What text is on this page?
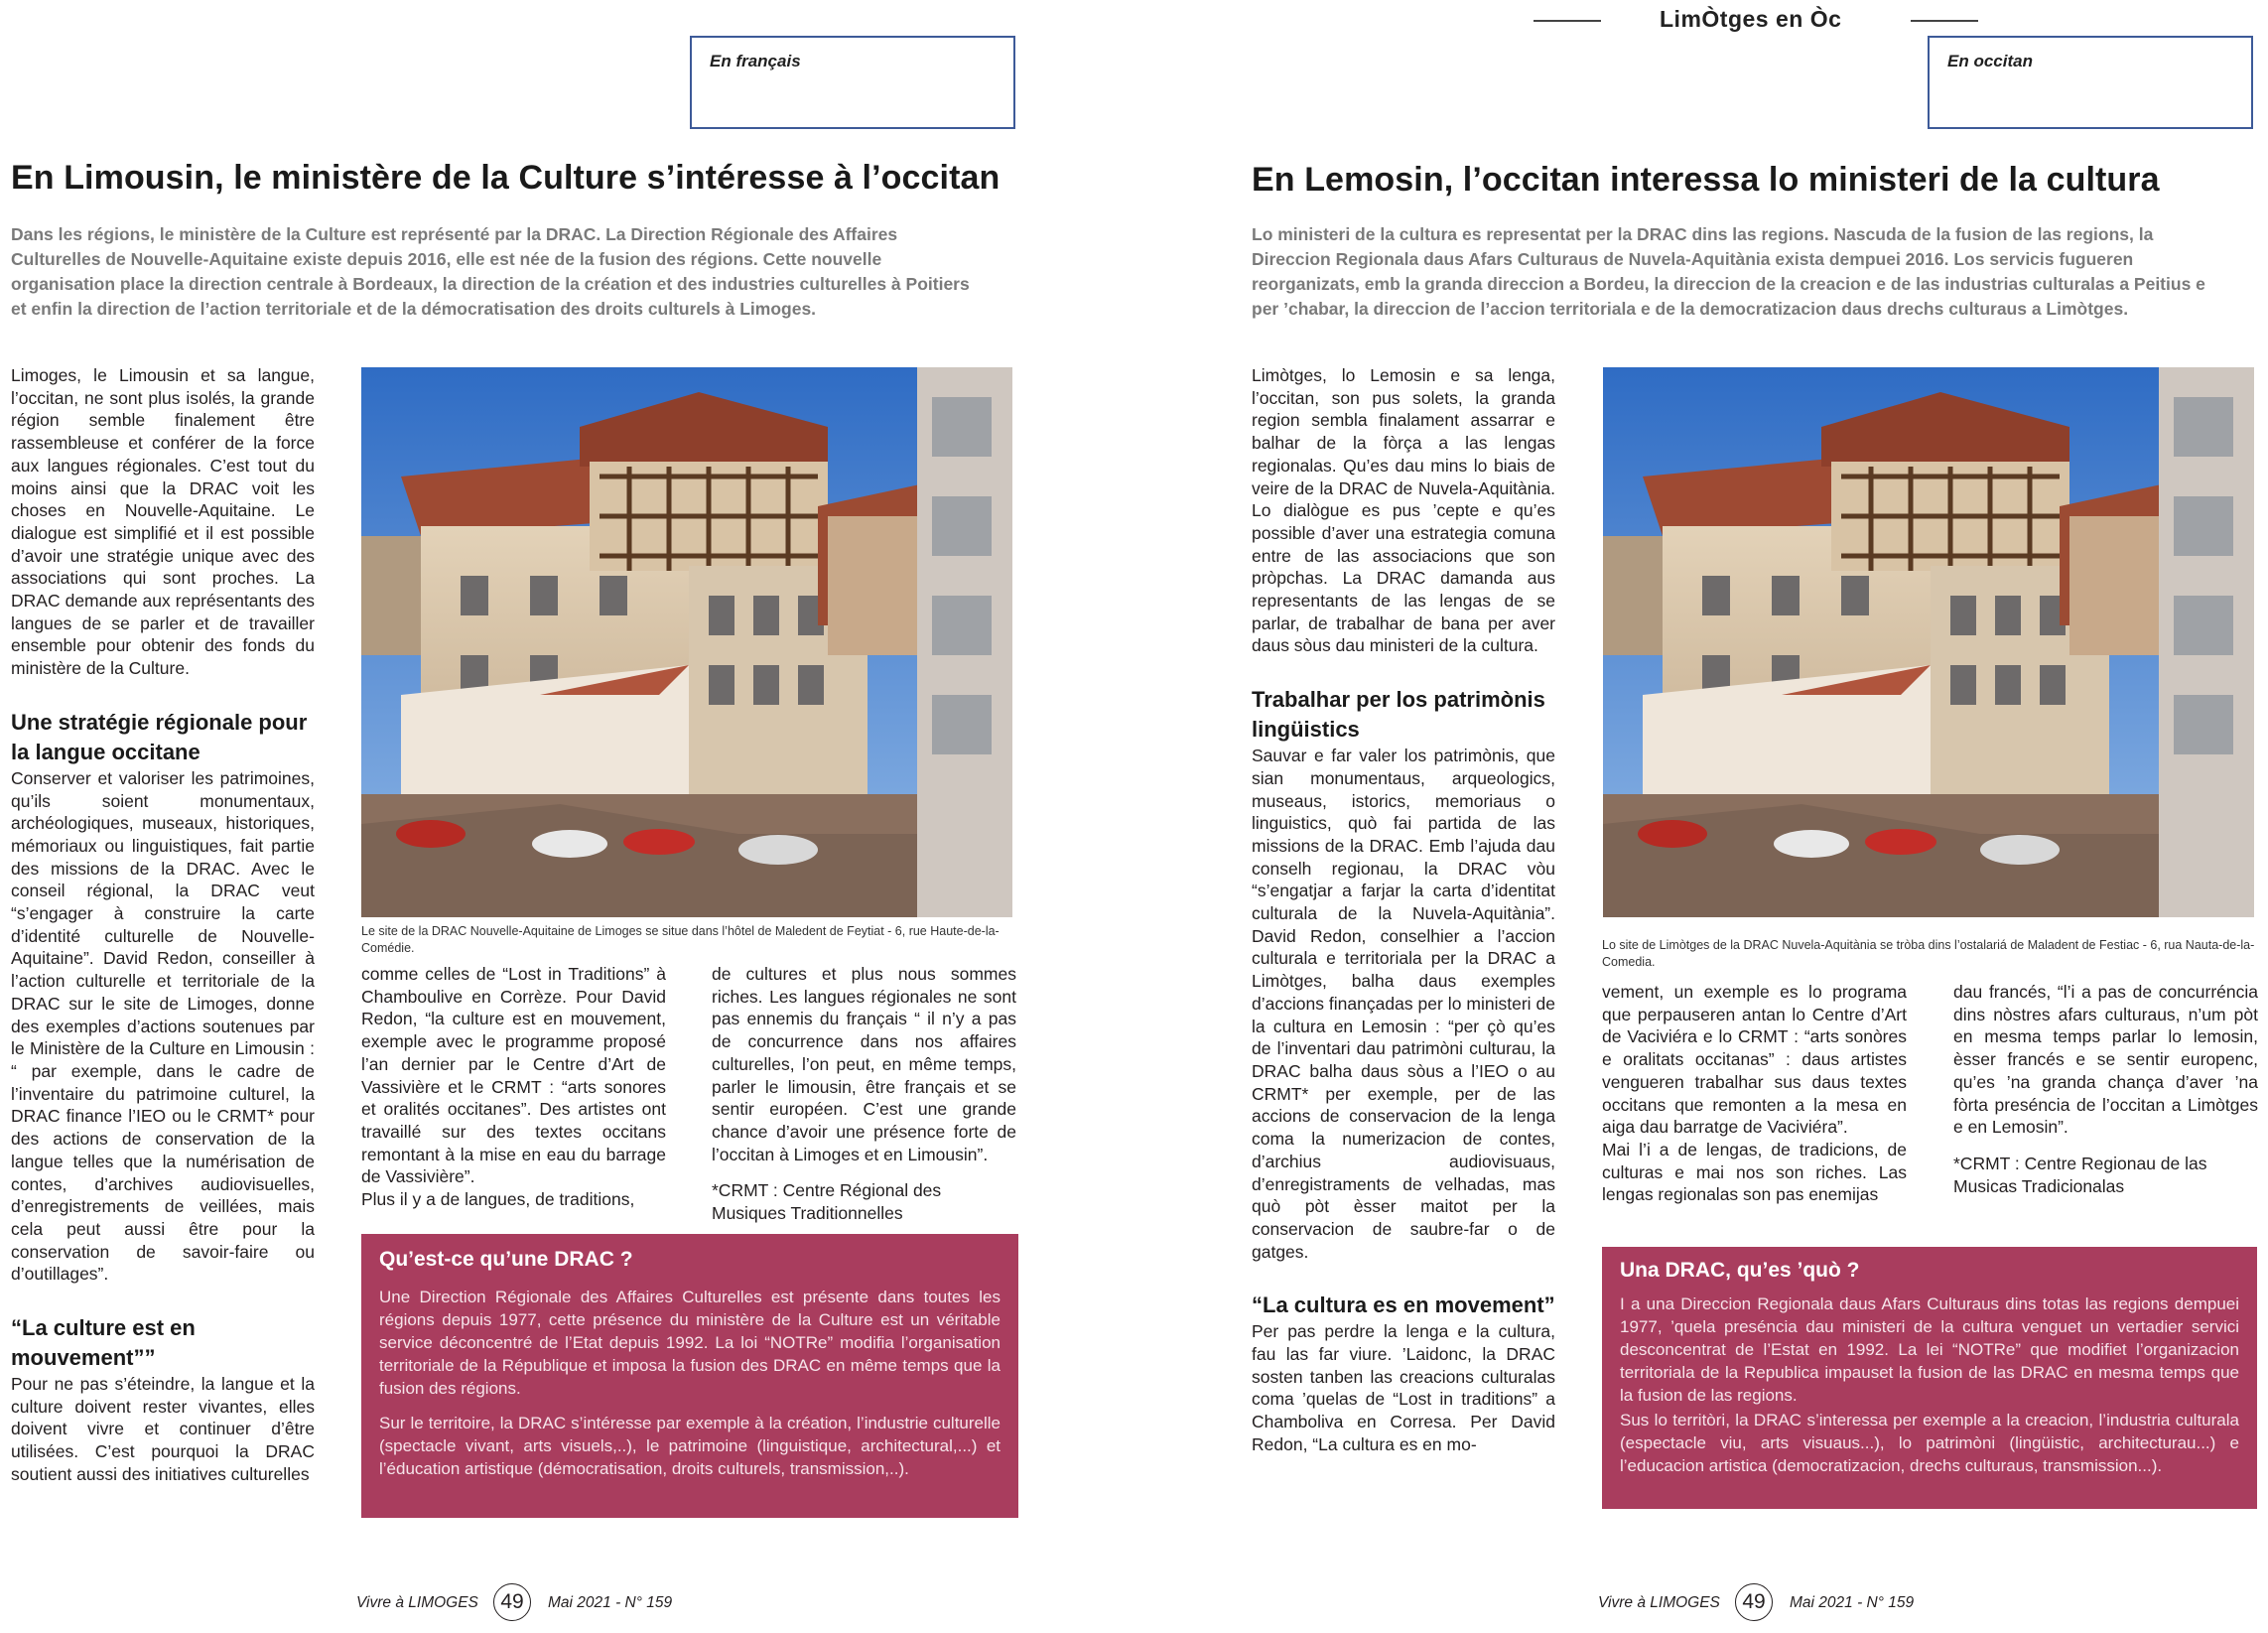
LimÒtges en Òc
En français
En Limousin, le ministère de la Culture s’intéresse à l’occitan
Dans les régions, le ministère de la Culture est représenté par la DRAC. La Direction Régionale des Affaires Culturelles de Nouvelle-Aquitaine existe depuis 2016, elle est née de la fusion des régions. Cette nouvelle organisation place la direction centrale à Bordeaux, la direction de la création et des industries culturelles à Poitiers et enfin la direction de l’action territoriale et de la démocratisation des droits culturels à Limoges.

Limoges, le Limousin et sa langue, l’occitan, ne sont plus isolés, la grande région semble finalement être rassembleuse et conférer de la force aux langues régionales. C’est tout du moins ainsi que la DRAC voit les choses en Nouvelle-Aquitaine. Le dialogue est simplifié et il est possible d’avoir une stratégie unique avec des associations qui sont proches. La DRAC demande aux représentants des langues de se parler et de travailler ensemble pour obtenir des fonds du ministère de la Culture.

Une stratégie régionale pour la langue occitane

Conserver et valoriser les patrimoines, qu’ils soient monumentaux, archéologiques, museaux, historiques, mémoriaux ou linguistiques, fait partie des missions de la DRAC. Avec le conseil régional, la DRAC veut “s’engager à construire la carte d’identité culturelle de Nouvelle-Aquitaine”. David Redon, conseiller à l’action culturelle et territoriale de la DRAC sur le site de Limoges, donne des exemples d’actions soutenues par le Ministère de la Culture en Limousin : “ par exemple, dans le cadre de l’inventaire du patrimoine culturel, la DRAC finance l’IEO ou le CRMT* pour des actions de conservation de la langue telles que la numérisation de contes, d’archives audiovisuelles, d’enregistrements de veillées, mais cela peut aussi être pour la conservation de savoir-faire ou d’outillages”.

“La culture est en mouvement””

Pour ne pas s’éteindre, la langue et la culture doivent rester vivantes, elles doivent vivre et continuer d’être utilisées. C’est pourquoi la DRAC soutient aussi des initiatives culturelles

Le site de la DRAC Nouvelle-Aquitaine de Limoges se situe dans l’hôtel de Maledent de Feytiat - 6, rue Haute-de-la-Comédie.

comme celles de “Lost in Traditions” à Chamboulive en Corrèze. Pour David Redon, “la culture est en mouvement, exemple avec le programme proposé l’an dernier par le Centre d’Art de Vassivière et le CRMT : “arts sonores et oralités occitanes”. Des artistes ont travaillé sur des textes occitans remontant à la mise en eau du barrage de Vassivière”.

Plus il y a de langues, de traditions,

de cultures et plus nous sommes riches. Les langues régionales ne sont pas ennemis du français “ il n’y a pas de concurrence dans nos affaires culturelles, l’on peut, en même temps, parler le limousin, être français et se sentir européen. C’est une grande chance d’avoir une présence forte de l’occitan à Limoges et en Limousin”.

*CRMT : Centre Régional des Musiques Traditionnelles

Qu’est-ce qu’une DRAC ?

Une Direction Régionale des Affaires Culturelles est présente dans toutes les régions depuis 1977, cette présence du ministère de la Culture est un véritable service déconcentré de l’Etat depuis 1992. La loi “NOTRe” modifia l’organisation territoriale de la République et imposa la fusion des DRAC en même temps que la fusion des régions.

Sur le territoire, la DRAC s’intéresse par exemple à la création, l’industrie culturelle (spectacle vivant, arts visuels,..), le patrimoine (linguistique, architectural,...) et l’éducation artistique (démocratisation, droits culturels, transmission,..).

Vivre à LIMOGES	49	Mai 2021 - N° 159
En occitan
En Lemosin, l’occitan interessa lo ministeri de la cultura
Lo ministeri de la cultura es representat per la DRAC dins las regions. Nascuda de la fusion de las regions, la Direccion Regionala daus Afars Culturaus de Nuvela-Aquitània exista dempuei 2016. Los servicis fugueren reorganizats, emb la granda direccion a Bordeu, la direccion de la creacion e de las industrias culturalas a Peitius e per ’chabar, la direccion de l’accion territoriala e de la democratizacion daus drechs culturaus a Limòtges.

Limòtges, lo Lemosin e sa lenga, l’occitan, son pus solets, la granda region sembla finalament assarrar e balhar de la fòrça a las lengas regionalas. Qu’es dau mins lo biais de veire de la DRAC de Nuvela-Aquitània. Lo dialògue es pus ’cepte e qu’es possible d’aver una estrategia comuna entre de las associacions que son pròpchas. La DRAC damanda aus representants de las lengas de se parlar, de trabalhar de bana per aver daus sòus dau ministeri de la cultura.

Trabalhar per los patrimònis lingüistics

Sauvar e far valer los patrimònis, que sian monumentaus, arqueologics, museaus, istorics, memoriaus o linguistics, quò fai partida de las missions de la DRAC. Emb l’ajuda dau conselh regionau, la DRAC vòu “s’engatjar a farjar la carta d’identitat culturala de la Nuvela-Aquitània”. David Redon, conselhier a l’accion culturala e territoriala per la DRAC a Limòtges, balha daus exemples d’accions finançadas per lo ministeri de la cultura en Lemosin : “per çò qu’es de l’inventari dau patrimòni culturau, la DRAC balha daus sòus a l’IEO o au CRMT* per exemple, per de las accions de conservacion de la lenga coma la numerizacion de contes, d’archius audiovisuaus, d’enregistraments de velhadas, mas quò pòt èsser maitot per la conservacion de saubre-far o de gatges.

“La cultura es en movement”

Per pas perdre la lenga e la cultura, fau las far viure. ’Laidonc, la DRAC sosten tanben las creacions culturalas coma ’quelas de “Lost in traditions” a Chamboliva en Corresa. Per David Redon, “La cultura es en mo-

Lo site de Limòtges de la DRAC Nuvela-Aquitània se tròba dins l’ostalariá de Maladent de Festiac - 6, rua Nauta-de-la-Comedia.

vement, un exemple es lo programa que perpauseren antan lo Centre d’Art de Vaciviéra e lo CRMT : “arts sonòres e oralitats occitanas” : daus artistes vengueren trabalhar sus daus textes occitans que remonten a la mesa en aiga dau barratge de Vaciviéra”.

Mai l’i a de lengas, de tradicions, de culturas e mai nos son riches. Las lengas regionalas son pas enemijas

dau francés, “l’i a pas de concurréncia dins nòstres afars culturaus, n’um pòt en mesma temps parlar lo lemosin, èsser francés e se sentir europenc, qu’es ’na granda chança d’aver ’na fòrta preséncia de l’occitan a Limòtges e en Lemosin”.

*CRMT : Centre Regionau de las Musicas Tradicionalas

Una DRAC, qu’es ’quò ?

I a una Direccion Regionala daus Afars Culturaus dins totas las regions dempuei 1977, ’quela preséncia dau ministeri de la cultura venguet un vertadier servici desconcentrat de l’Estat en 1992. La lei “NOTRe” que modifiet l’organizacion territoriala de la Republica impauset la fusion de las DRAC en mesma temps que la fusion de las regions.

Sus lo territòri, la DRAC s’interessa per exemple a la creacion, l’industria culturala (espectacle viu, arts visuaus...), lo patrimòni (lingüistic, architecturau...) e l’educacion artistica (democratizacion, drechs culturaus, transmission...).

Vivre à LIMOGES	49	Mai 2021 - N° 159
